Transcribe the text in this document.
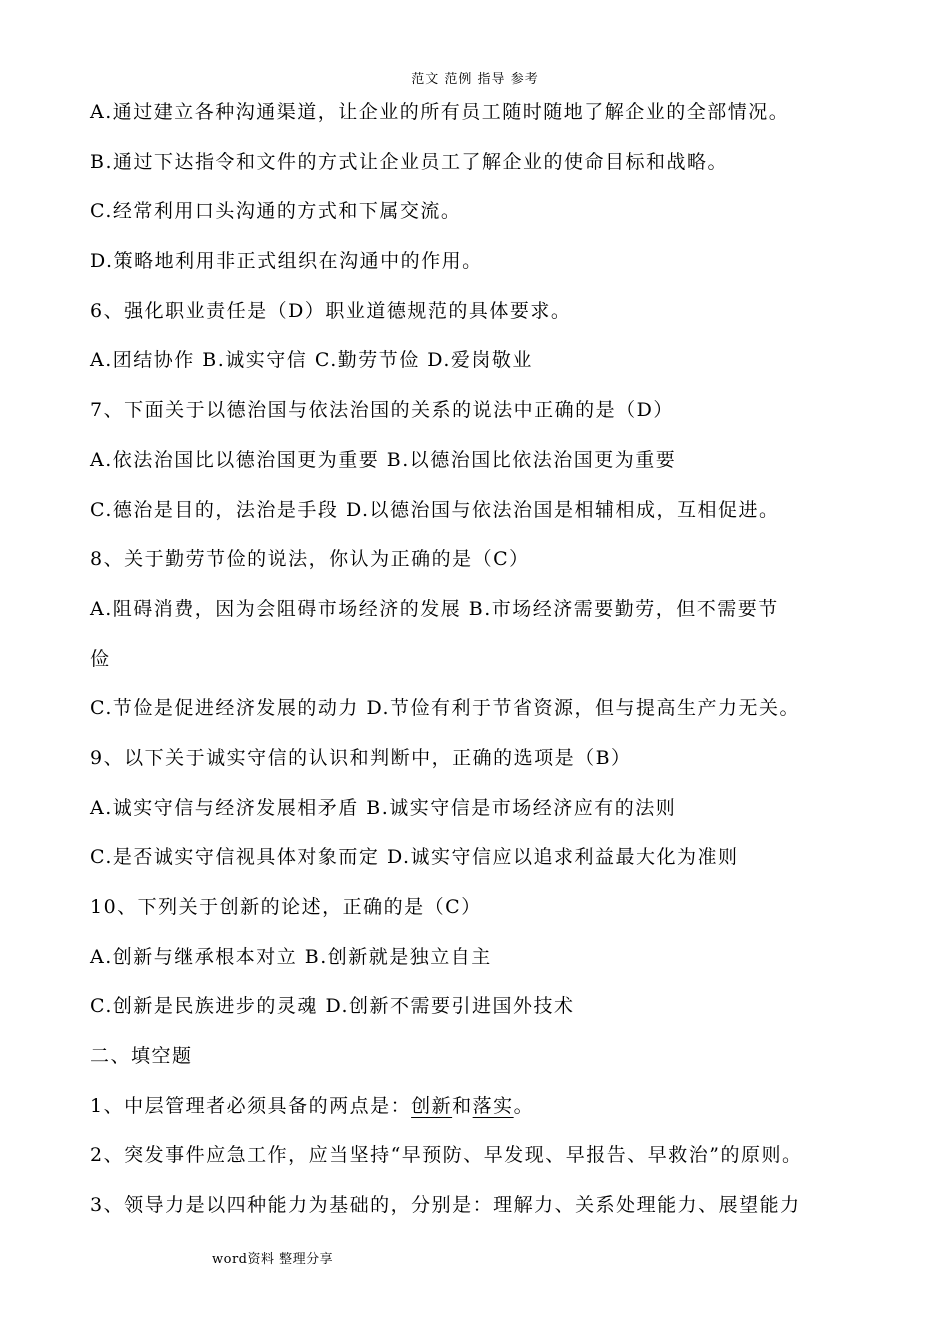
范文 范例 指导 参考
A.通过建立各种沟通渠道，让企业的所有员工随时随地了解企业的全部情况。
B.通过下达指令和文件的方式让企业员工了解企业的使命目标和战略。
C.经常利用口头沟通的方式和下属交流。
D.策略地利用非正式组织在沟通中的作用。
6、强化职业责任是（D）职业道德规范的具体要求。
A.团结协作 B.诚实守信 C.勤劳节俭 D.爱岗敬业
7、下面关于以德治国与依法治国的关系的说法中正确的是（D）
A.依法治国比以德治国更为重要 B.以德治国比依法治国更为重要
C.德治是目的，法治是手段 D.以德治国与依法治国是相辅相成，互相促进。
8、关于勤劳节俭的说法，你认为正确的是（C）
A.阻碍消费，因为会阻碍市场经济的发展 B.市场经济需要勤劳，但不需要节
俭
C.节俭是促进经济发展的动力 D.节俭有利于节省资源，但与提高生产力无关。
9、以下关于诚实守信的认识和判断中，正确的选项是（B）
A.诚实守信与经济发展相矛盾 B.诚实守信是市场经济应有的法则
C.是否诚实守信视具体对象而定 D.诚实守信应以追求利益最大化为准则
10、下列关于创新的论述，正确的是（C）
A.创新与继承根本对立 B.创新就是独立自主
C.创新是民族进步的灵魂 D.创新不需要引进国外技术
二、填空题
1、中层管理者必须具备的两点是：创新和落实。
2、突发事件应急工作，应当坚持“早预防、早发现、早报告、早救治”的原则。
3、领导力是以四种能力为基础的，分别是：理解力、关系处理能力、展望能力
word资料 整理分享
